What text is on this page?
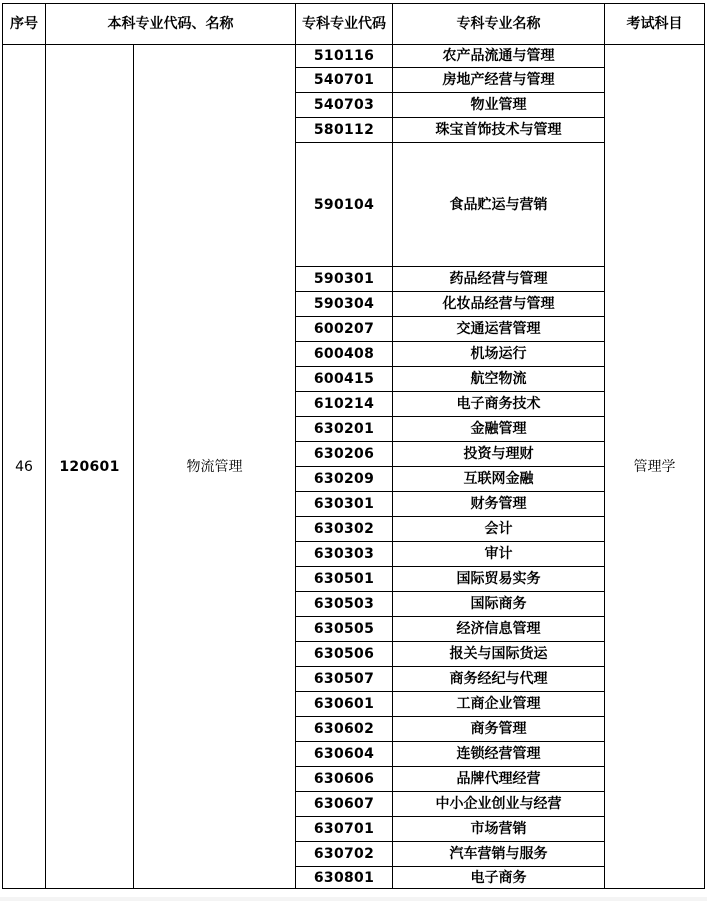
序号	本科专业代码、名称		专科专业代码	专科专业名称	考试科目
46	120601	物流管理	510116	农产品流通与管理	管理学
			540701	房地产经营与管理	
			540703	物业管理	
			580112	珠宝首饰技术与管理	
			590104	食品贮运与营销	
			590301	药品经营与管理	
			590304	化妆品经营与管理	
			600207	交通运营管理	
			600408	机场运行	
			600415	航空物流	
			610214	电子商务技术	
			630201	金融管理	
			630206	投资与理财	
			630209	互联网金融	
			630301	财务管理	
			630302	会计	
			630303	审计	
			630501	国际贸易实务	
			630503	国际商务	
			630505	经济信息管理	
			630506	报关与国际货运	
			630507	商务经纪与代理	
			630601	工商企业管理	
			630602	商务管理	
			630604	连锁经营管理	
			630606	品牌代理经营	
			630607	中小企业创业与经营	
			630701	市场营销	
			630702	汽车营销与服务	
			630801	电子商务	
